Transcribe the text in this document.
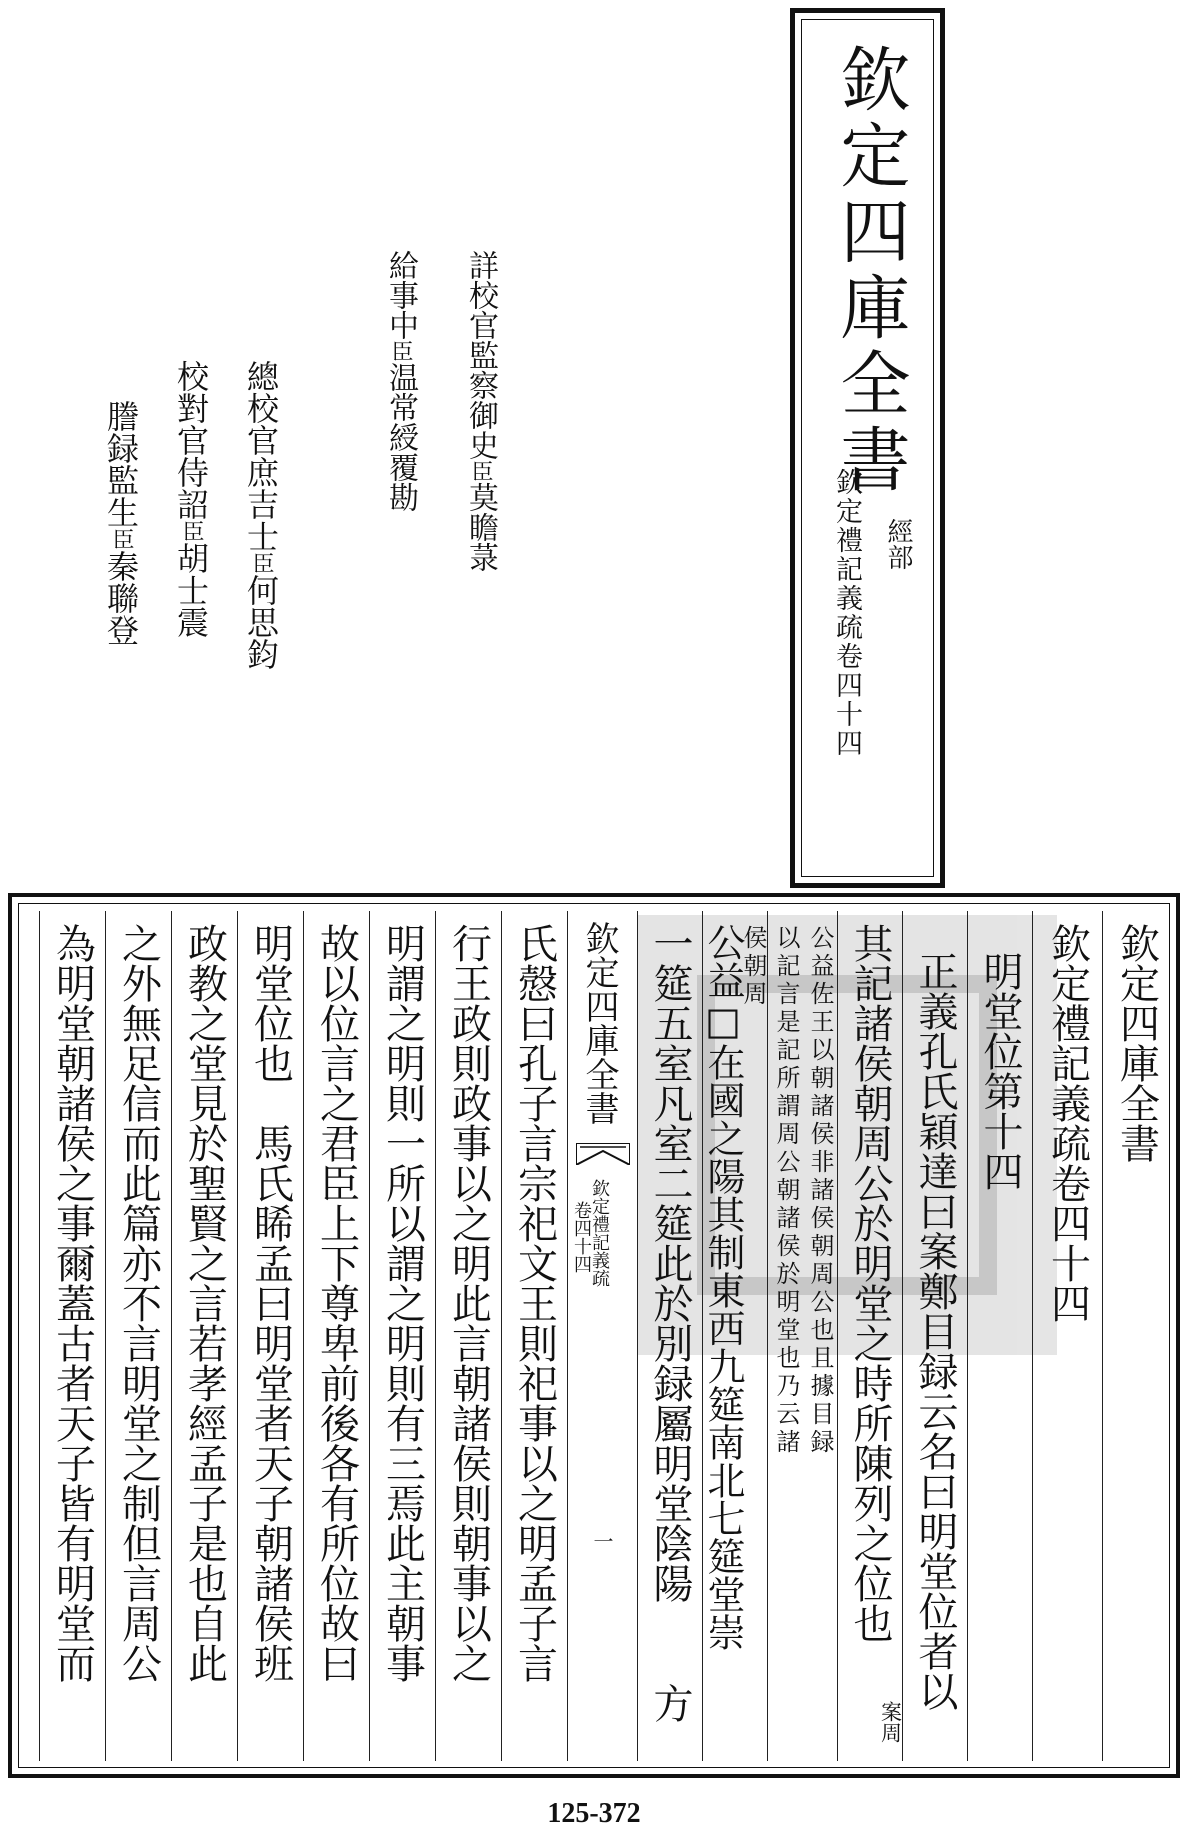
欽定四庫全書
經部
欽定禮記義疏卷四十四
詳校官監察御史臣莫瞻菉
給事中臣温常綬覆勘
總校官庶吉士臣何思鈞
校對官侍詔臣胡士震
謄録監生臣秦聯登
欽定四庫全書
欽定禮記義疏卷四十四
明堂位第十四
正義孔氏穎達曰案鄭目録云名曰明堂位者以
其記諸侯朝周公於明堂之時所陳列之位也
案周
公益佐王以朝諸侯非諸侯朝周公也且據目録
以記言是記所謂周公朝諸侯於明堂也乃云諸
侯朝周
公益□在國之陽其制東西九筵南北七筵堂崇
一筵五室凡室二筵此於別録屬明堂陰陽
方
欽定四庫全書
欽定禮記義疏
卷四十四
一
氏慤曰孔子言宗祀文王則祀事以之明孟子言
行王政則政事以之明此言朝諸侯則朝事以之
明謂之明則一所以謂之明則有三焉此主朝事
故以位言之君臣上下尊卑前後各有所位故曰
明堂位也　馬氏睎孟曰明堂者天子朝諸侯班
政教之堂見於聖賢之言若孝經孟子是也自此
之外無足信而此篇亦不言明堂之制但言周公
為明堂朝諸侯之事爾蓋古者天子皆有明堂而
125-372
